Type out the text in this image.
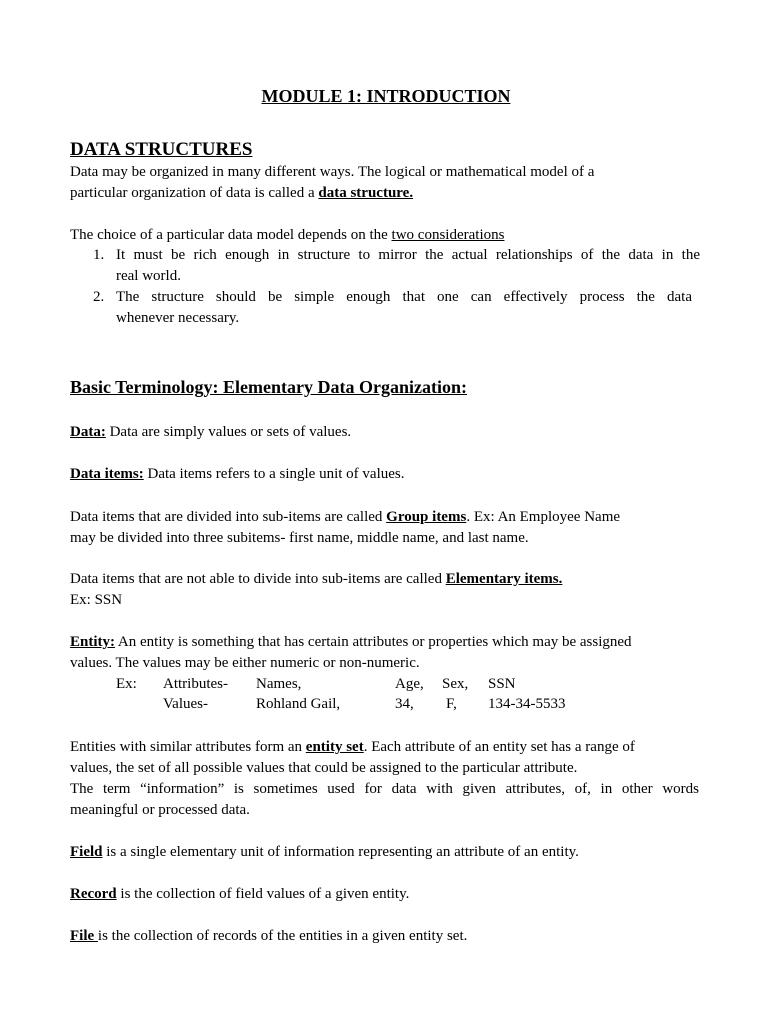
MODULE 1: INTRODUCTION
DATA STRUCTURES

Data may be organized in many different ways. The logical or mathematical model of a

particular organization of data is called a data structure.

The choice of a particular data model depends on the two considerations

1. It must be rich enough in structure to mirror the actual relationships of the data in the
real world.
2. The structure should be simple enough that one can effectively process the data
whenever necessary.
Basic Terminology: Elementary Data Organization:

Data: Data are simply values or sets of values.

Data items: Data items refers to a single unit of values.

Data items that are divided into sub-items are called Group items. Ex: An Employee Name

may be divided into three subitems- first name, middle name, and last name.

Data items that are not able to divide into sub-items are called Elementary items.

Ex: SSN

Entity: An entity is something that has certain attributes or properties which may be assigned

values. The values may be either numeric or non-numeric.

Ex: Attributes- Names,	Age, Sex, SSN
Values-	Rohland Gail,	34, F, 134-34-5533

Entities with similar attributes form an entity set. Each attribute of an entity set has a range of

values, the set of all possible values that could be assigned to the particular attribute.

The term “information” is sometimes used for data with given attributes, of, in other words

meaningful or processed data.

Field is a single elementary unit of information representing an attribute of an entity.

Record is the collection of field values of a given entity.

File is the collection of records of the entities in a given entity set.
